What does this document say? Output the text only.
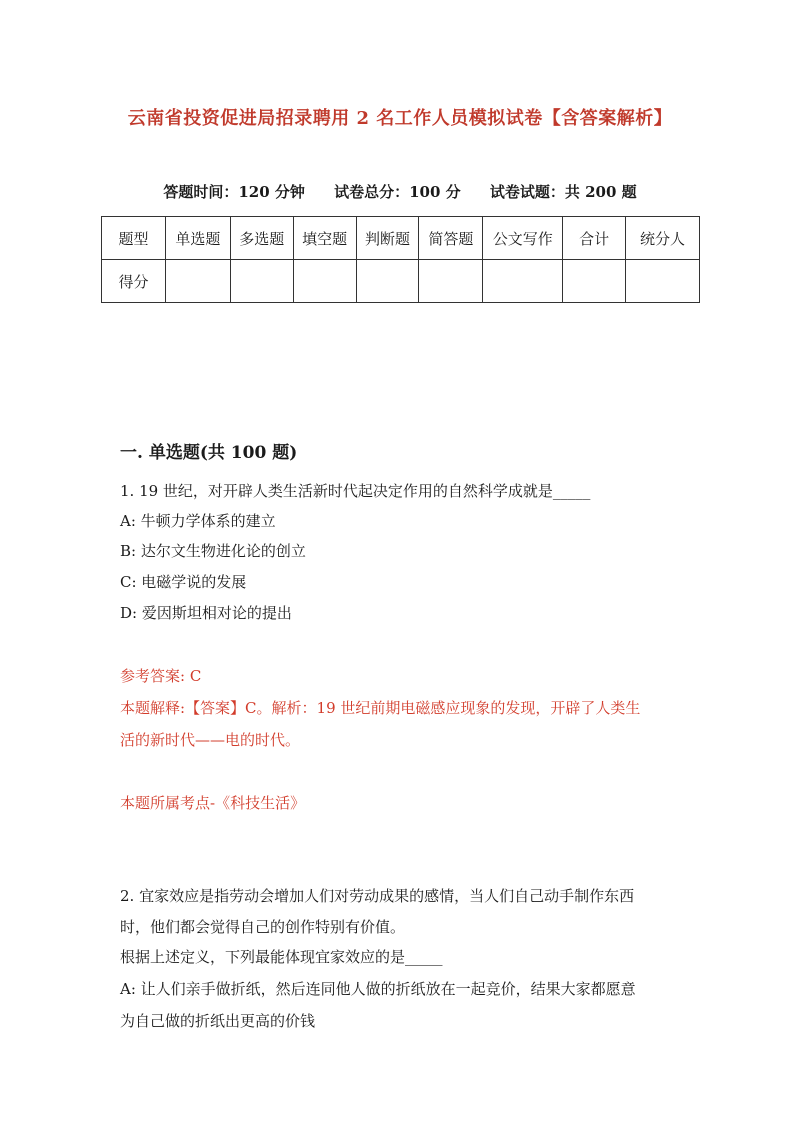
云南省投资促进局招录聘用 2 名工作人员模拟试卷【含答案解析】
答题时间：120 分钟 试卷总分：100 分 试卷试题：共 200 题
题型	单选题	多选题	填空题	判断题	简答题	公文写作	合计	统分人
得分								
一. 单选题(共 100 题)
1. 19 世纪，对开辟人类生活新时代起决定作用的自然科学成就是_____
A: 牛顿力学体系的建立
B: 达尔文生物进化论的创立
C: 电磁学说的发展
D: 爱因斯坦相对论的提出
参考答案: C
本题解释:【答案】C。解析：19 世纪前期电磁感应现象的发现，开辟了人类生
活的新时代——电的时代。
本题所属考点-《科技生活》
2. 宜家效应是指劳动会增加人们对劳动成果的感情，当人们自己动手制作东西
时，他们都会觉得自己的创作特别有价值。
根据上述定义，下列最能体现宜家效应的是_____
A: 让人们亲手做折纸，然后连同他人做的折纸放在一起竞价，结果大家都愿意
为自己做的折纸出更高的价钱
